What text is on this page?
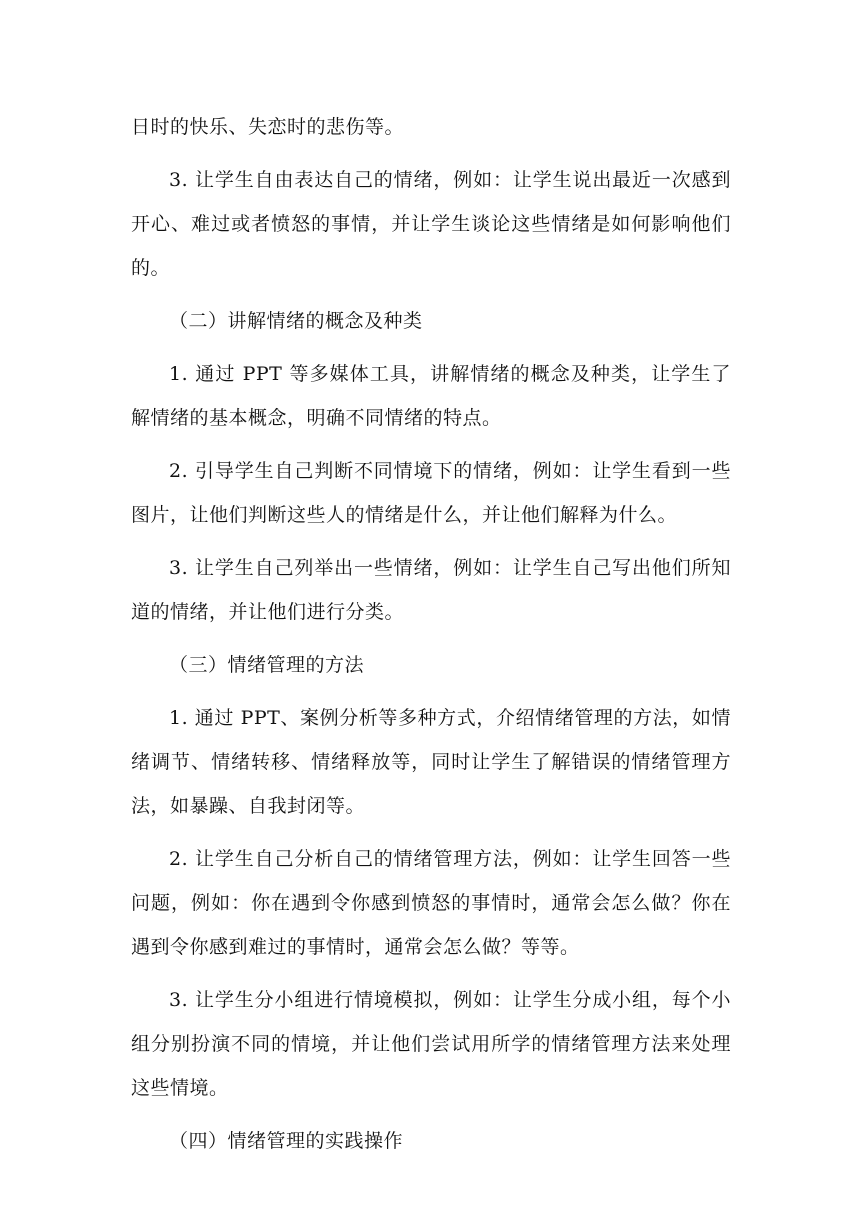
日时的快乐、失恋时的悲伤等。

3. 让学生自由表达自己的情绪，例如：让学生说出最近一次感到开心、难过或者愤怒的事情，并让学生谈论这些情绪是如何影响他们的。

（二）讲解情绪的概念及种类

1. 通过 PPT 等多媒体工具，讲解情绪的概念及种类，让学生了解情绪的基本概念，明确不同情绪的特点。

2. 引导学生自己判断不同情境下的情绪，例如：让学生看到一些图片，让他们判断这些人的情绪是什么，并让他们解释为什么。

3. 让学生自己列举出一些情绪，例如：让学生自己写出他们所知道的情绪，并让他们进行分类。

（三）情绪管理的方法

1. 通过 PPT、案例分析等多种方式，介绍情绪管理的方法，如情绪调节、情绪转移、情绪释放等，同时让学生了解错误的情绪管理方法，如暴躁、自我封闭等。

2. 让学生自己分析自己的情绪管理方法，例如：让学生回答一些问题，例如：你在遇到令你感到愤怒的事情时，通常会怎么做？你在遇到令你感到难过的事情时，通常会怎么做？等等。

3. 让学生分小组进行情境模拟，例如：让学生分成小组，每个小组分别扮演不同的情境，并让他们尝试用所学的情绪管理方法来处理这些情境。

（四）情绪管理的实践操作
